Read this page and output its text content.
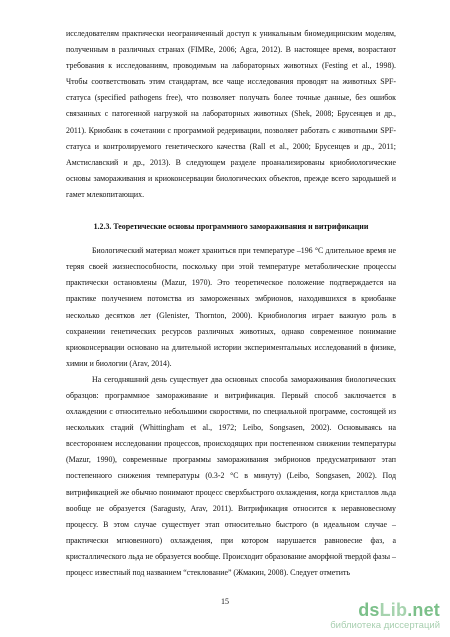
исследователям практически неограниченный доступ к уникальным биомедицинским моделям, полученным в различных странах (FIMRe, 2006; Agca, 2012). В настоящее время, возрастают требования к исследованиям, проводимым на лабораторных животных (Festing et al., 1998). Чтобы соответствовать этим стандартам, все чаще исследования проводят на животных SPF-статуса (specified pathogens free), что позволяет получать более точные данные, без ошибок связанных с патогенной нагрузкой на лабораторных животных (Shek, 2008; Брусенцев и др., 2011). Криобанк в сочетании с программой редеривации, позволяет работать с животными SPF-статуса и контролируемого генетического качества (Rall et al., 2000; Брусенцев и др., 2011; Амстиславский и др., 2013). В следующем разделе проанализированы криобиологические основы замораживания и криоконсервации биологических объектов, прежде всего зародышей и гамет млекопитающих.

1.2.3. Теоретические основы программного замораживания и витрификации

Биологический материал может храниться при температуре –196 °C длительное время не теряя своей жизнеспособности, поскольку при этой температуре метаболические процессы практически остановлены (Mazur, 1970). Это теоретическое положение подтверждается на практике получением потомства из замороженных эмбрионов, находившихся в криобанке несколько десятков лет (Glenister, Thornton, 2000). Криобиология играет важную роль в сохранении генетических ресурсов различных животных, однако современное понимание криоконсервации основано на длительной истории экспериментальных исследований в физике, химии и биологии (Arav, 2014).

На сегодняшний день существует два основных способа замораживания биологических образцов: программное замораживание и витрификация. Первый способ заключается в охлаждении с относительно небольшими скоростями, по специальной программе, состоящей из нескольких стадий (Whittingham et al., 1972; Leibo, Songsasen, 2002). Основываясь на всестороннем исследовании процессов, происходящих при постепенном снижении температуры (Mazur, 1990), современные программы замораживания эмбрионов предусматривают этап постепенного снижения температуры (0.3-2 °C в минуту) (Leibo, Songsasen, 2002). Под витрификацией же обычно понимают процесс сверхбыстрого охлаждения, когда кристаллов льда вообще не образуется (Saragusty, Arav, 2011). Витрификация относится к неравновесному процессу. В этом случае существует этап относительно быстрого (в идеальном случае – практически мгновенного) охлаждения, при котором нарушается равновесие фаз, а кристаллического льда не образуется вообще. Происходит образование аморфной твердой фазы – процесс известный под названием “стеклование” (Жмакин, 2008). Следует отметить

15	dsLib.net
библиотека диссертаций
